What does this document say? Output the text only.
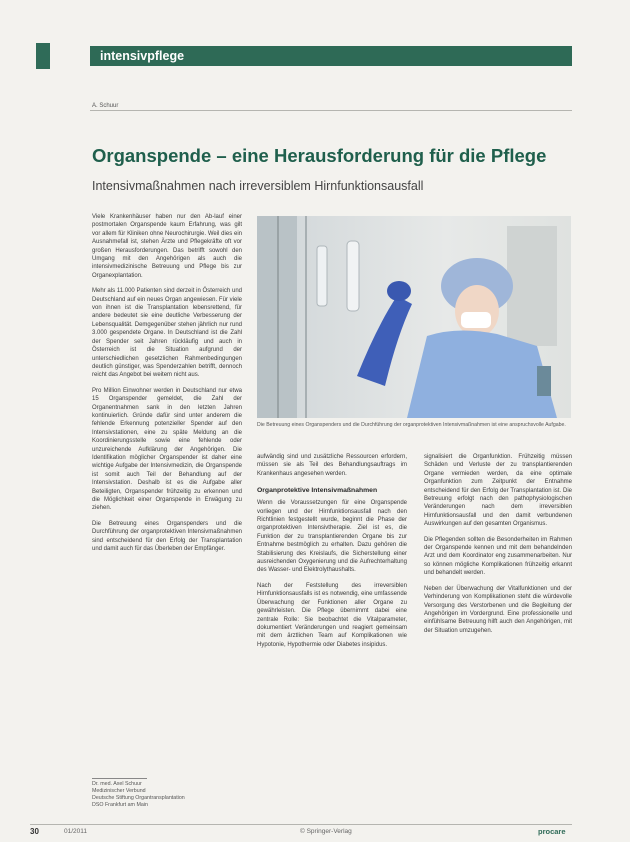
intensivpflege
A. Schuur
Organspende – eine Herausforderung für die Pflege
Intensivmaßnahmen nach irreversiblem Hirnfunktionsausfall

Viele Krankenhäuser haben nur den Ab-lauf einer postmortalen Organspende kaum Erfahrung, was gilt vor allem für Kliniken ohne Neurochirurgie. Weil dies ein Ausnahmefall ist, stehen Ärzte und Pflegekräfte oft vor großen Herausforderungen. Das betrifft sowohl den Umgang mit den Angehörigen als auch die intensivmedizinische Betreuung und Pflege bis zur Organexplantation.

Mehr als 11.000 Patienten sind derzeit in Österreich und Deutschland auf ein neues Organ angewiesen. Für viele von ihnen ist die Transplantation lebensrettend, für andere bedeutet sie eine deutliche Verbesserung der Lebensqualität. Demgegenüber stehen jährlich nur rund 3.000 gespendete Organe. In Deutschland ist die Zahl der Spender seit Jahren rückläufig und auch in Österreich ist die Situation aufgrund der unterschiedlichen gesetzlichen Rahmenbedingungen deutlich günstiger, was Spenderzahlen betrifft, dennoch reicht das Angebot bei weitem nicht aus.

Pro Million Einwohner werden in Deutschland nur etwa 15 Organspender gemeldet, die Zahl der Organentnahmen sank in den letzten Jahren kontinuierlich. Gründe dafür sind unter anderem die fehlende Erkennung potenzieller Spender auf den Intensivstationen, eine zu späte Meldung an die Koordinierungsstelle sowie eine fehlende oder unzureichende Aufklärung der Angehörigen. Die Identifikation möglicher Organspender ist daher eine wichtige Aufgabe der Intensivmedizin, die Organspende ist somit auch Teil der Behandlung auf der Intensivstation. Deshalb ist es die Aufgabe aller Beteiligten, Organspender frühzeitig zu erkennen und die Möglichkeit einer Organspende in Erwägung zu ziehen.

Die Betreuung eines Organspenders und die Durchführung der organprotektiven Intensivmaßnahmen sind entscheidend für den Erfolg der Transplantation und damit auch für das Überleben der Empfänger.

Die Betreuung eines Organspenders und die Durchführung der organprotektiven Intensivmaßnahmen ist eine anspruchsvolle Aufgabe.

aufwändig sind und zusätzliche Ressourcen erfordern, müssen sie als Teil des Behandlungsauftrags im Krankenhaus angesehen werden.

Organprotektive Intensivmaßnahmen

Wenn die Voraussetzungen für eine Organspende vorliegen und der Hirnfunktionsausfall nach den Richtlinien festgestellt wurde, beginnt die Phase der organprotektiven Intensivtherapie. Ziel ist es, die Funktion der zu transplantierenden Organe bis zur Entnahme bestmöglich zu erhalten. Dazu gehören die Stabilisierung des Kreislaufs, die Sicherstellung einer ausreichenden Oxygenierung und die Aufrechterhaltung des Wasser- und Elektrolythaushalts.

Nach der Feststellung des irreversiblen Hirnfunktionsausfalls ist es notwendig, eine umfassende Überwachung der Funktionen aller Organe zu gewährleisten. Die Pflege übernimmt dabei eine zentrale Rolle: Sie beobachtet die Vitalparameter, dokumentiert Veränderungen und reagiert gemeinsam mit dem ärztlichen Team auf Komplikationen wie Hypotonie, Hypothermie oder Diabetes insipidus.

signalisiert die Organfunktion. Frühzeitig müssen Schäden und Verluste der zu transplantierenden Organe vermieden werden, da eine optimale Organfunktion zum Zeitpunkt der Entnahme entscheidend für den Erfolg der Transplantation ist. Die Betreuung erfolgt nach den pathophysiologischen Veränderungen nach dem irreversiblen Hirnfunktionsausfall und den damit verbundenen Auswirkungen auf den gesamten Organismus.

Die Pflegenden sollten die Besonderheiten im Rahmen der Organspende kennen und mit dem behandelnden Arzt und dem Koordinator eng zusammenarbeiten. Nur so können mögliche Komplikationen frühzeitig erkannt und behandelt werden.

Neben der Überwachung der Vitalfunktionen und der Verhinderung von Komplikationen steht die würdevolle Versorgung des Verstorbenen und die Begleitung der Angehörigen im Vordergrund. Eine professionelle und einfühlsame Betreuung hilft auch den Angehörigen, mit der Situation umzugehen.

Dr. med. Axel Schuur
Medizinischer Verbund
Deutsche Stiftung Organtransplantation
DSO Frankfurt am Main
30	01/2011	© Springer-Verlag	procare
